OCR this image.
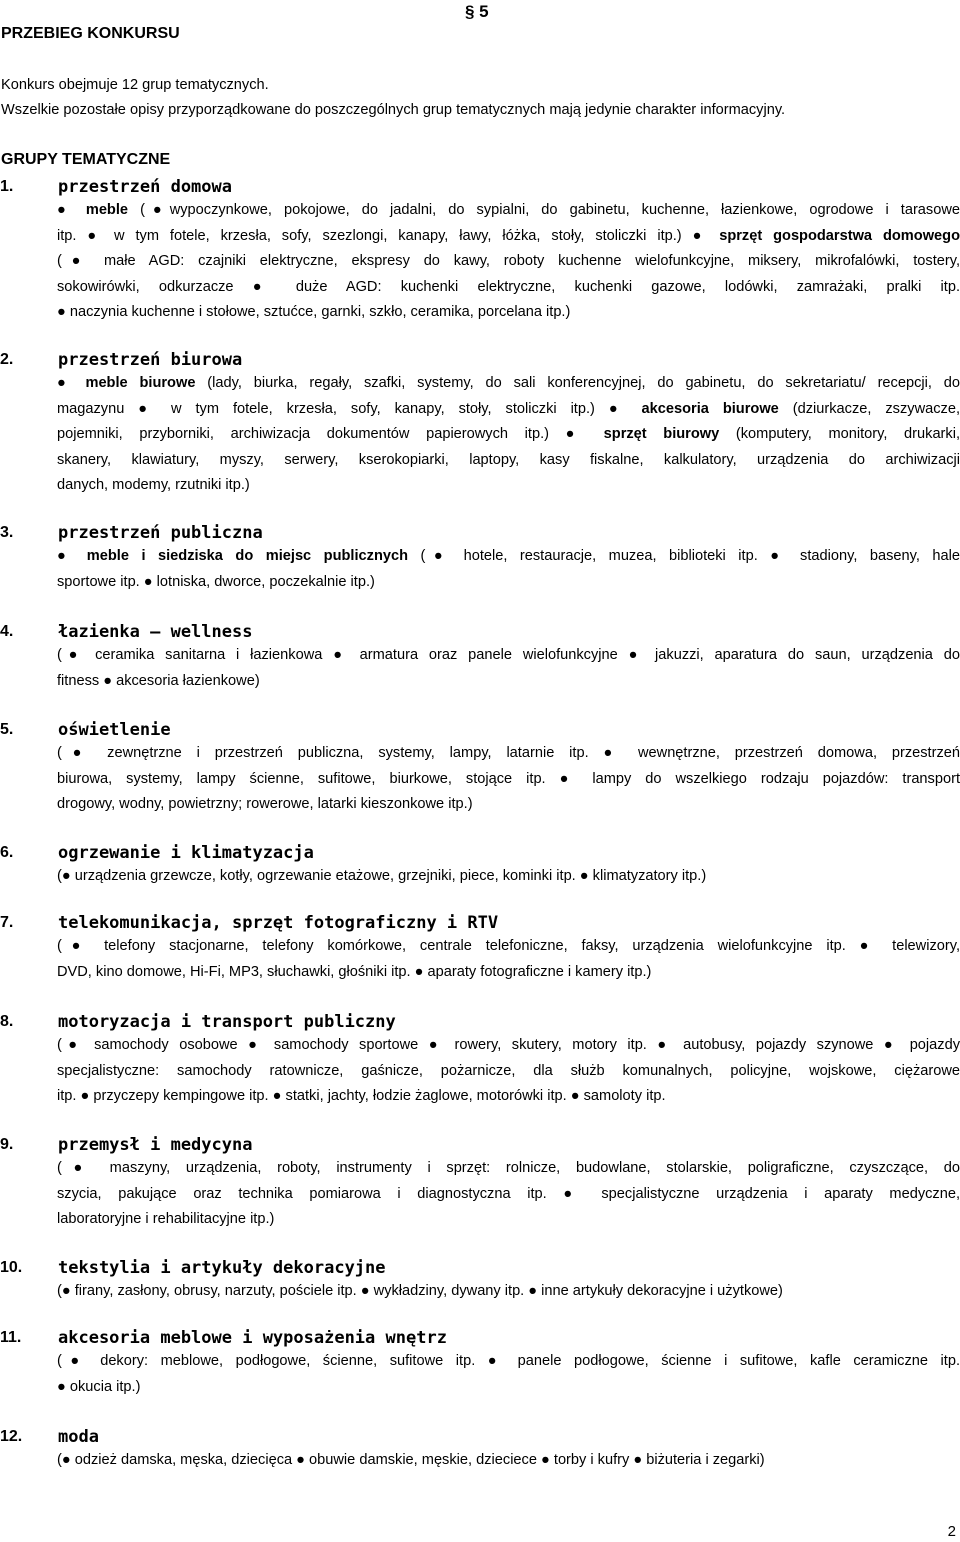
PRZEBIEG KONKURSU
§ 5
Konkurs obejmuje 12 grup tematycznych.
Wszelkie pozostałe opisy przyporządkowane do poszczególnych grup tematycznych mają jedynie charakter informacyjny.
GRUPY TEMATYCZNE
1.	przestrzeń domowa
● meble (●wypoczynkowe, pokojowe, do jadalni, do sypialni, do gabinetu, kuchenne, łazienkowe, ogrodowe i tarasowe
itp. ● w tym fotele, krzesła, sofy, szezlongi, kanapy, ławy, łóżka, stoły, stoliczki itp.) ● sprzęt gospodarstwa domowego
(● małe AGD: czajniki elektryczne, ekspresy do kawy, roboty kuchenne wielofunkcyjne, miksery, mikrofalówki, tostery,
sokowirówki, odkurzacze ● duże AGD: kuchenki elektryczne, kuchenki gazowe, lodówki, zamrażaki, pralki itp.
● naczynia kuchenne i stołowe, sztućce, garnki, szkło, ceramika, porcelana itp.)
2.	przestrzeń biurowa
● meble biurowe (lady, biurka, regały, szafki, systemy, do sali konferencyjnej, do gabinetu, do sekretariatu/ recepcji, do
magazynu ● w tym fotele, krzesła, sofy, kanapy, stoły, stoliczki itp.) ● akcesoria biurowe (dziurkacze, zszywacze,
pojemniki, przyborniki, archiwizacja dokumentów papierowych itp.) ● sprzęt biurowy (komputery, monitory, drukarki,
skanery, klawiatury, myszy, serwery, kserokopiarki, laptopy, kasy fiskalne, kalkulatory, urządzenia do archiwizacji
danych, modemy, rzutniki itp.)
3.	przestrzeń publiczna
● meble i siedziska do miejsc publicznych (● hotele, restauracje, muzea, biblioteki itp. ● stadiony, baseny, hale
sportowe itp. ● lotniska, dworce, poczekalnie itp.)
4.	łazienka – wellness
(● ceramika sanitarna i łazienkowa ● armatura oraz panele wielofunkcyjne ● jakuzzi, aparatura do saun, urządzenia do
fitness ● akcesoria łazienkowe)
5.	oświetlenie
(● zewnętrzne i przestrzeń publiczna, systemy, lampy, latarnie itp. ● wewnętrzne, przestrzeń domowa, przestrzeń
biurowa, systemy, lampy ścienne, sufitowe, biurkowe, stojące itp. ● lampy do wszelkiego rodzaju pojazdów: transport
drogowy, wodny, powietrzny; rowerowe, latarki kieszonkowe itp.)
6.	ogrzewanie i klimatyzacja
(● urządzenia grzewcze, kotły, ogrzewanie etażowe, grzejniki, piece, kominki itp. ● klimatyzatory itp.)
7.	telekomunikacja, sprzęt fotograficzny i RTV
(● telefony stacjonarne, telefony komórkowe, centrale telefoniczne, faksy, urządzenia wielofunkcyjne itp. ● telewizory,
DVD, kino domowe, Hi-Fi, MP3, słuchawki, głośniki itp. ● aparaty fotograficzne i kamery itp.)
8.	motoryzacja i transport publiczny
(● samochody osobowe ● samochody sportowe ● rowery, skutery, motory itp. ● autobusy, pojazdy szynowe ● pojazdy
specjalistyczne: samochody ratownicze, gaśnicze, pożarnicze, dla służb komunalnych, policyjne, wojskowe, ciężarowe
itp. ● przyczepy kempingowe itp. ● statki, jachty, łodzie żaglowe, motorówki itp. ● samoloty itp.
9.	przemysł i medycyna
(● maszyny, urządzenia, roboty, instrumenty i sprzęt: rolnicze, budowlane, stolarskie, poligraficzne, czyszczące, do
szycia, pakujące oraz technika pomiarowa i diagnostyczna itp. ● specjalistyczne urządzenia i aparaty medyczne,
laboratoryjne i rehabilitacyjne itp.)
10. tekstylia i artykuły dekoracyjne
(● firany, zasłony, obrusy, narzuty, pościele itp. ● wykładziny, dywany itp. ● inne artykuły dekoracyjne i użytkowe)
11. akcesoria meblowe i wyposażenia wnętrz
(● dekory: meblowe, podłogowe, ścienne, sufitowe itp. ● panele podłogowe, ścienne i sufitowe, kafle ceramiczne itp.
● okucia itp.)
12. moda
(● odzież damska, męska, dziecięca ● obuwie damskie, męskie, dzieciece ● torby i kufry ● biżuteria i zegarki)
2
